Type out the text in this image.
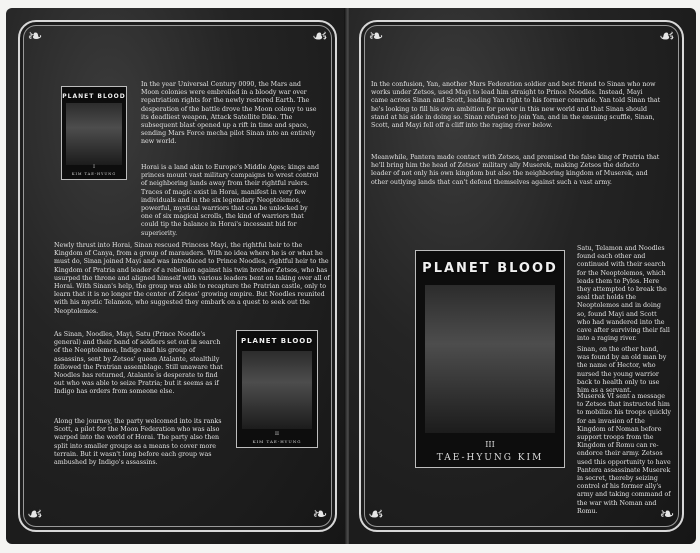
❧	☙
☙	❧
PLANET BLOOD
I
KIM TAE-HYUNG

In the year Universal Century 0090, the Mars and Moon colonies were embroiled in a bloody war over repatriation rights for the newly restored Earth. The desperation of the battle drove the Moon colony to use its deadliest weapon, Attack Satellite Dike. The subsequent blast opened up a rift in time and space, sending Mars Force mecha pilot Sinan into an entirely new world.

Horai is a land akin to Europe's Middle Ages; kings and princes mount vast military campaigns to wrest control of neighboring lands away from their rightful rulers. Traces of magic exist in Horai, manifest in very few individuals and in the six legendary Neoptolemos, powerful, mystical warriors that can be unlocked by one of six magical scrolls, the kind of warriors that could tip the balance in Horai's incessant bid for superiority.

Newly thrust into Horai, Sinan rescued Princess Mayi, the rightful heir to the Kingdom of Canya, from a group of marauders. With no idea where he is or what he must do, Sinan joined Mayi and was introduced to Prince Noodles, rightful heir to the Kingdom of Pratria and leader of a rebellion against his twin brother Zetsos, who has usurped the throne and aligned himself with various leaders bent on taking over all of Horai. With Sinan's help, the group was able to recapture the Pratrian castle, only to learn that it is no longer the center of Zetsos' growing empire. But Noodles reunited with his mystic Telamon, who suggested they embark on a quest to seek out the Neoptolemos.

PLANET BLOOD
II
KIM TAE-HYUNG

As Sinan, Noodles, Mayi, Satu (Prince Noodle's general) and their band of soldiers set out in search of the Neoptolemos, Indigo and his group of assassins, sent by Zetsos' queen Atalante, stealthily followed the Pratrian assemblage. Still unaware that Noodles has returned, Atalante is desperate to find out who was able to seize Pratria; but it seems as if Indigo has orders from someone else.

Along the journey, the party welcomed into its ranks Scott, a pilot for the Moon Federation who was also warped into the world of Horai. The party also then split into smaller groups as a means to cover more terrain. But it wasn't long before each group was ambushed by Indigo's assassins.

❧	☙
☙	❧

In the confusion, Yan, another Mars Federation soldier and best friend to Sinan who now works under Zetsos, used Mayi to lead him straight to Prince Noodles. Instead, Mayi came across Sinan and Scott, leading Yan right to his former comrade. Yan told Sinan that he's looking to fill his own ambition for power in this new world and that Sinan should stand at his side in doing so. Sinan refused to join Yan, and in the ensuing scuffle, Sinan, Scott, and Mayi fell off a cliff into the raging river below.

Meanwhile, Pantera made contact with Zetsos, and promised the false king of Pratria that he'll bring him the head of Zetsos' military ally Muserek, making Zetsos the defacto leader of not only his own kingdom but also the neighboring kingdom of Muserek, and other outlying lands that can't defend themselves against such a vast army.

PLANET BLOOD
III
TAE-HYUNG KIM

Satu, Telamon and Noodles found each other and continued with their search for the Neoptolemos, which leads them to Pylos. Here they attempted to break the seal that holds the Neoptolemos and in doing so, found Mayi and Scott who had wandered into the cave after surviving their fall into a raging river.

Sinan, on the other hand, was found by an old man by the name of Hector, who nursed the young warrior back to health only to use him as a servant.

Muserek VI sent a message to Zetsos that instructed him to mobilize his troops quickly for an invasion of the Kingdom of Noman before support troops from the Kingdom of Romu can re-endorce their army. Zetsos used this opportunity to have Pantera assassinate Muserek in secret, thereby seizing control of his former ally's army and taking command of the war with Noman and Romu.
